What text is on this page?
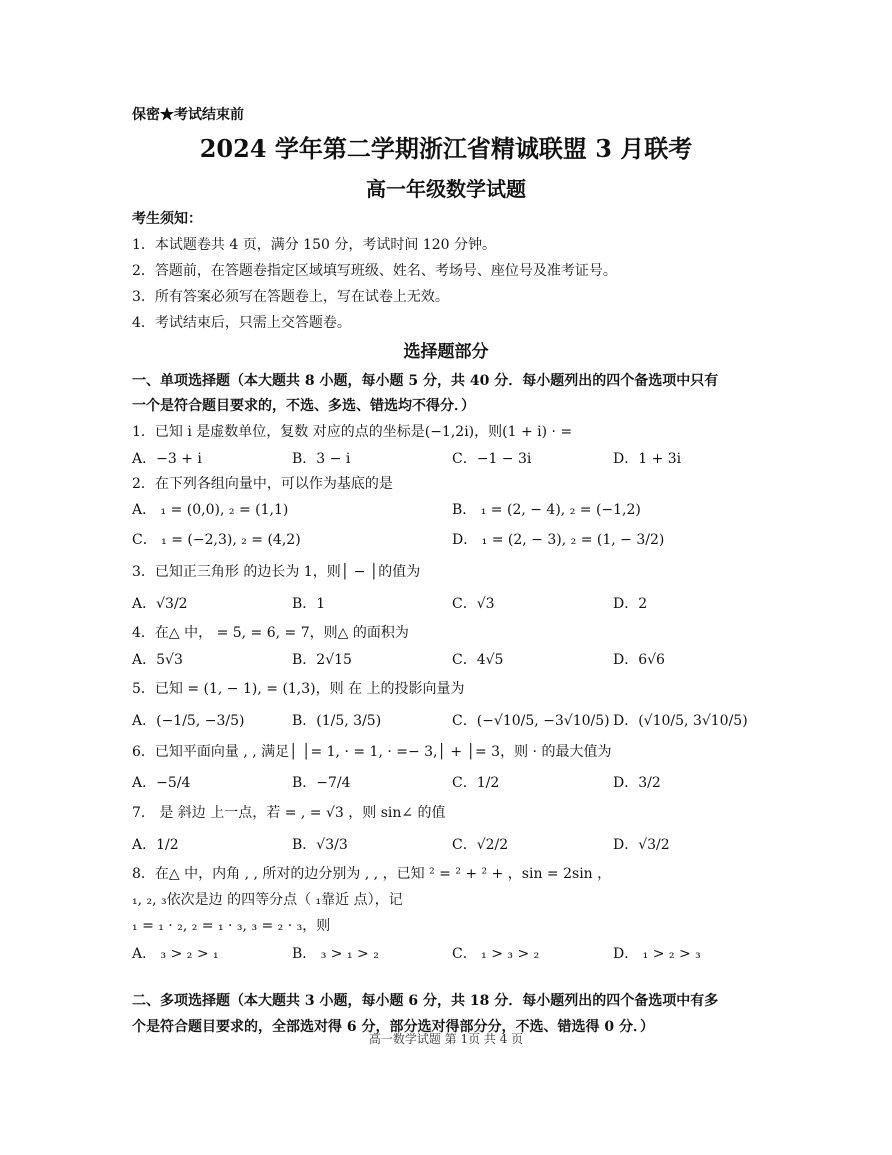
保密★考试结束前
2024 学年第二学期浙江省精诚联盟 3 月联考
高一年级数学试题
考生须知：
1．本试题卷共 4 页，满分 150 分，考试时间 120 分钟。
2．答题前，在答题卷指定区域填写班级、姓名、考场号、座位号及准考证号。
3．所有答案必须写在答题卷上，写在试卷上无效。
4．考试结束后，只需上交答题卷。
选择题部分
一、单项选择题（本大题共 8 小题，每小题 5 分，共 40 分．每小题列出的四个备选项中只有
一个是符合题目要求的，不选、多选、错选均不得分．）
1．已知 i 是虚数单位，复数 对应的点的坐标是(−1,2i)，则(1 + i) · =
A．−3 + i	B．3 − i	C．−1 − 3i	D．1 + 3i
2．在下列各组向量中，可以作为基底的是
A． ₁ = (0,0), ₂ = (1,1)	B． ₁ = (2, − 4), ₂ = (−1,2)
C． ₁ = (−2,3), ₂ = (4,2)	D． ₁ = (2, − 3), ₂ = (1, − 3/2)
3．已知正三角形 的边长为 1，则│ − │的值为
A．√3/2	B．1	C．√3	D．2
4．在△ 中， = 5, = 6, = 7，则△ 的面积为
A．5√3	B．2√15	C．4√5	D．6√6
5．已知 = (1, − 1), = (1,3)，则 在 上的投影向量为
A．(−1/5, −3/5)	B．(1/5, 3/5)	C．(−√10/5, −3√10/5) D．(√10/5, 3√10/5)
6．已知平面向量 , , 满足│ │= 1, · = 1, · =− 3,│ + │= 3，则 · 的最大值为
A．−5/4	B．−7/4	C．1/2	D．3/2
7． 是 斜边 上一点，若 = , = √3 ，则 sin∠ 的值
A．1/2	B．√3/3	C．√2/2	D．√3/2
8．在△ 中，内角 , , 所对的边分别为 , , ，已知 ² = ² + ² + ，sin = 2sin ，
₁, ₂, ₃依次是边 的四等分点（ ₁靠近 点），记
₁ = ₁ · ₂, ₂ = ₁ · ₃, ₃ = ₂ · ₃，则
A． ₃ > ₂ > ₁	B． ₃ > ₁ > ₂	C． ₁ > ₃ > ₂	D． ₁ > ₂ > ₃
二、多项选择题（本大题共 3 小题，每小题 6 分，共 18 分．每小题列出的四个备选项中有多
个是符合题目要求的，全部选对得 6 分，部分选对得部分分，不选、错选得 0 分．）
高一数学试题 第 1页 共 4 页
